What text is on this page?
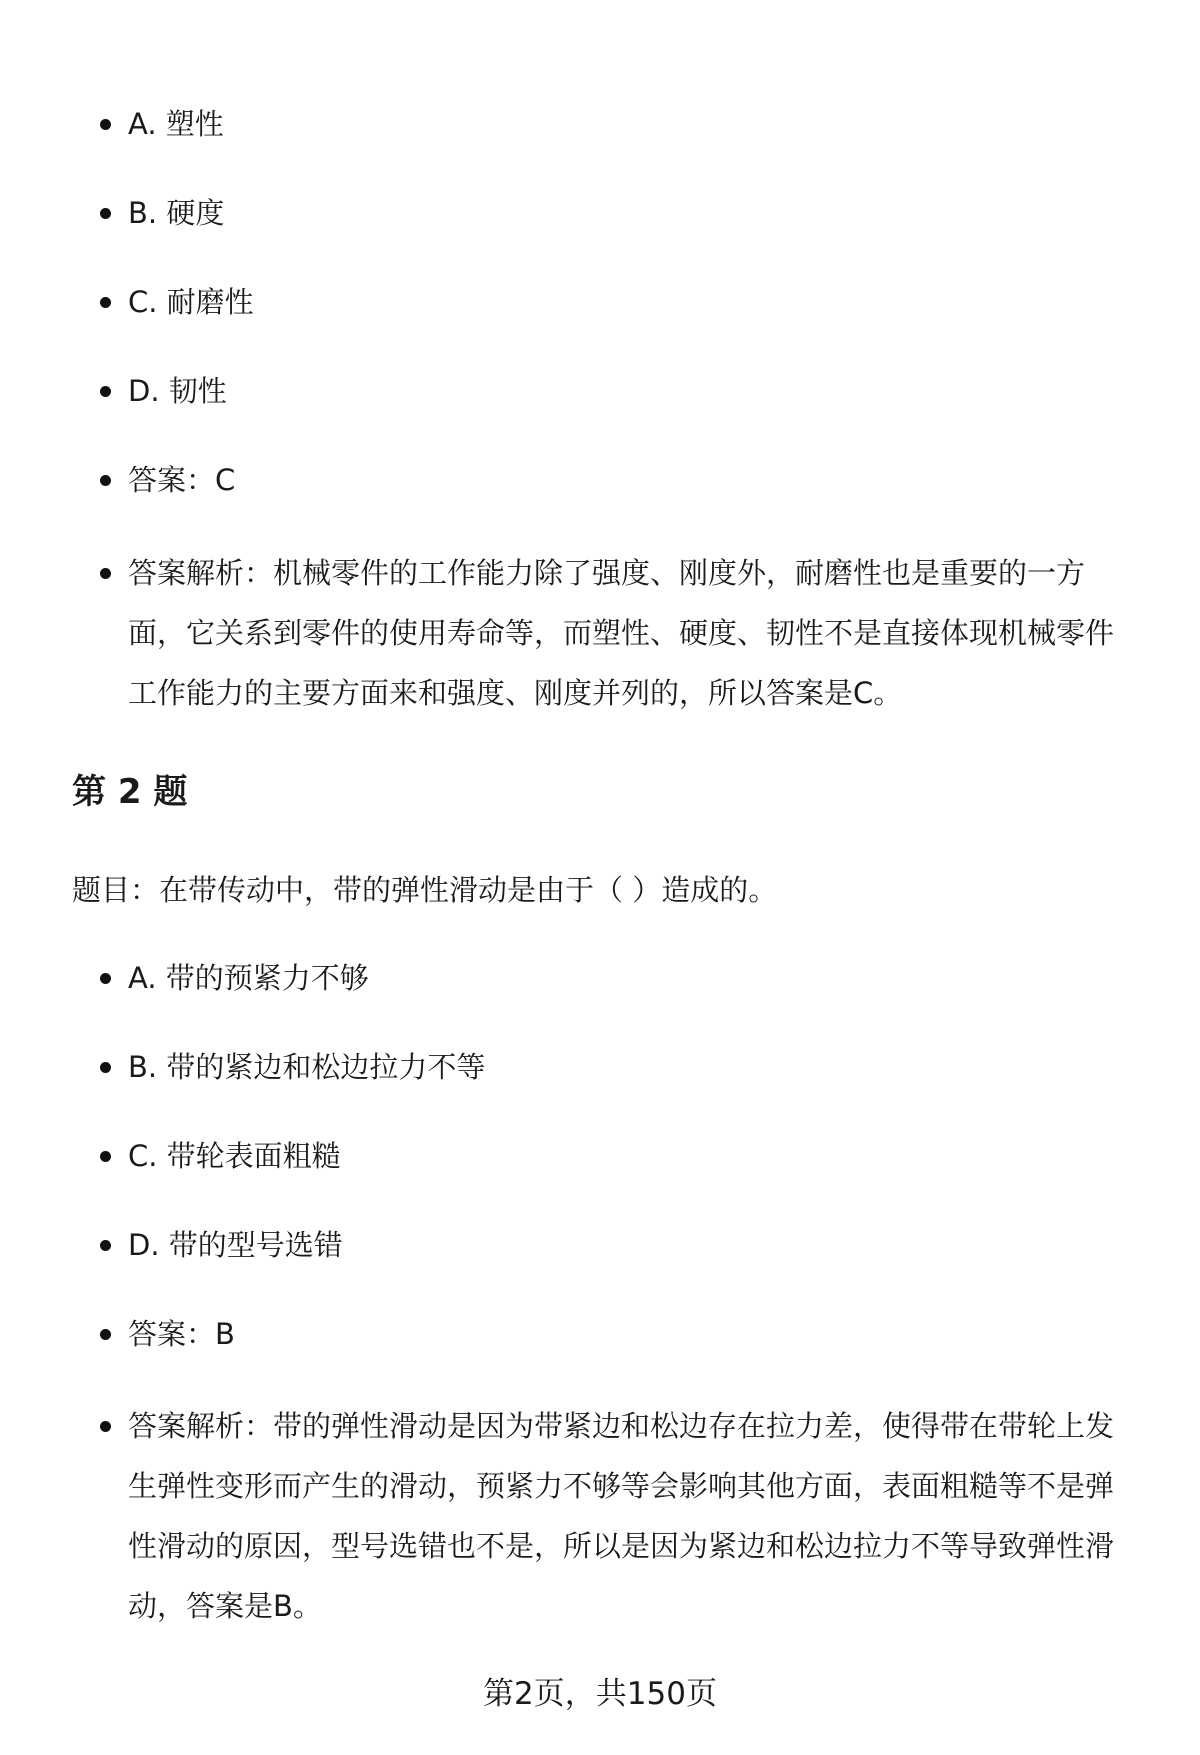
A. 塑性
B. 硬度
C. 耐磨性
D. 韧性
答案：C
答案解析：机械零件的工作能力除了强度、刚度外，耐磨性也是重要的一方面，它关系到零件的使用寿命等，而塑性、硬度、韧性不是直接体现机械零件工作能力的主要方面来和强度、刚度并列的，所以答案是C。
第 2 题
题目：在带传动中，带的弹性滑动是由于（ ）造成的。
A. 带的预紧力不够
B. 带的紧边和松边拉力不等
C. 带轮表面粗糙
D. 带的型号选错
答案：B
答案解析：带的弹性滑动是因为带紧边和松边存在拉力差，使得带在带轮上发生弹性变形而产生的滑动，预紧力不够等会影响其他方面，表面粗糙等不是弹性滑动的原因，型号选错也不是，所以是因为紧边和松边拉力不等导致弹性滑动，答案是B。
第2页，共150页
